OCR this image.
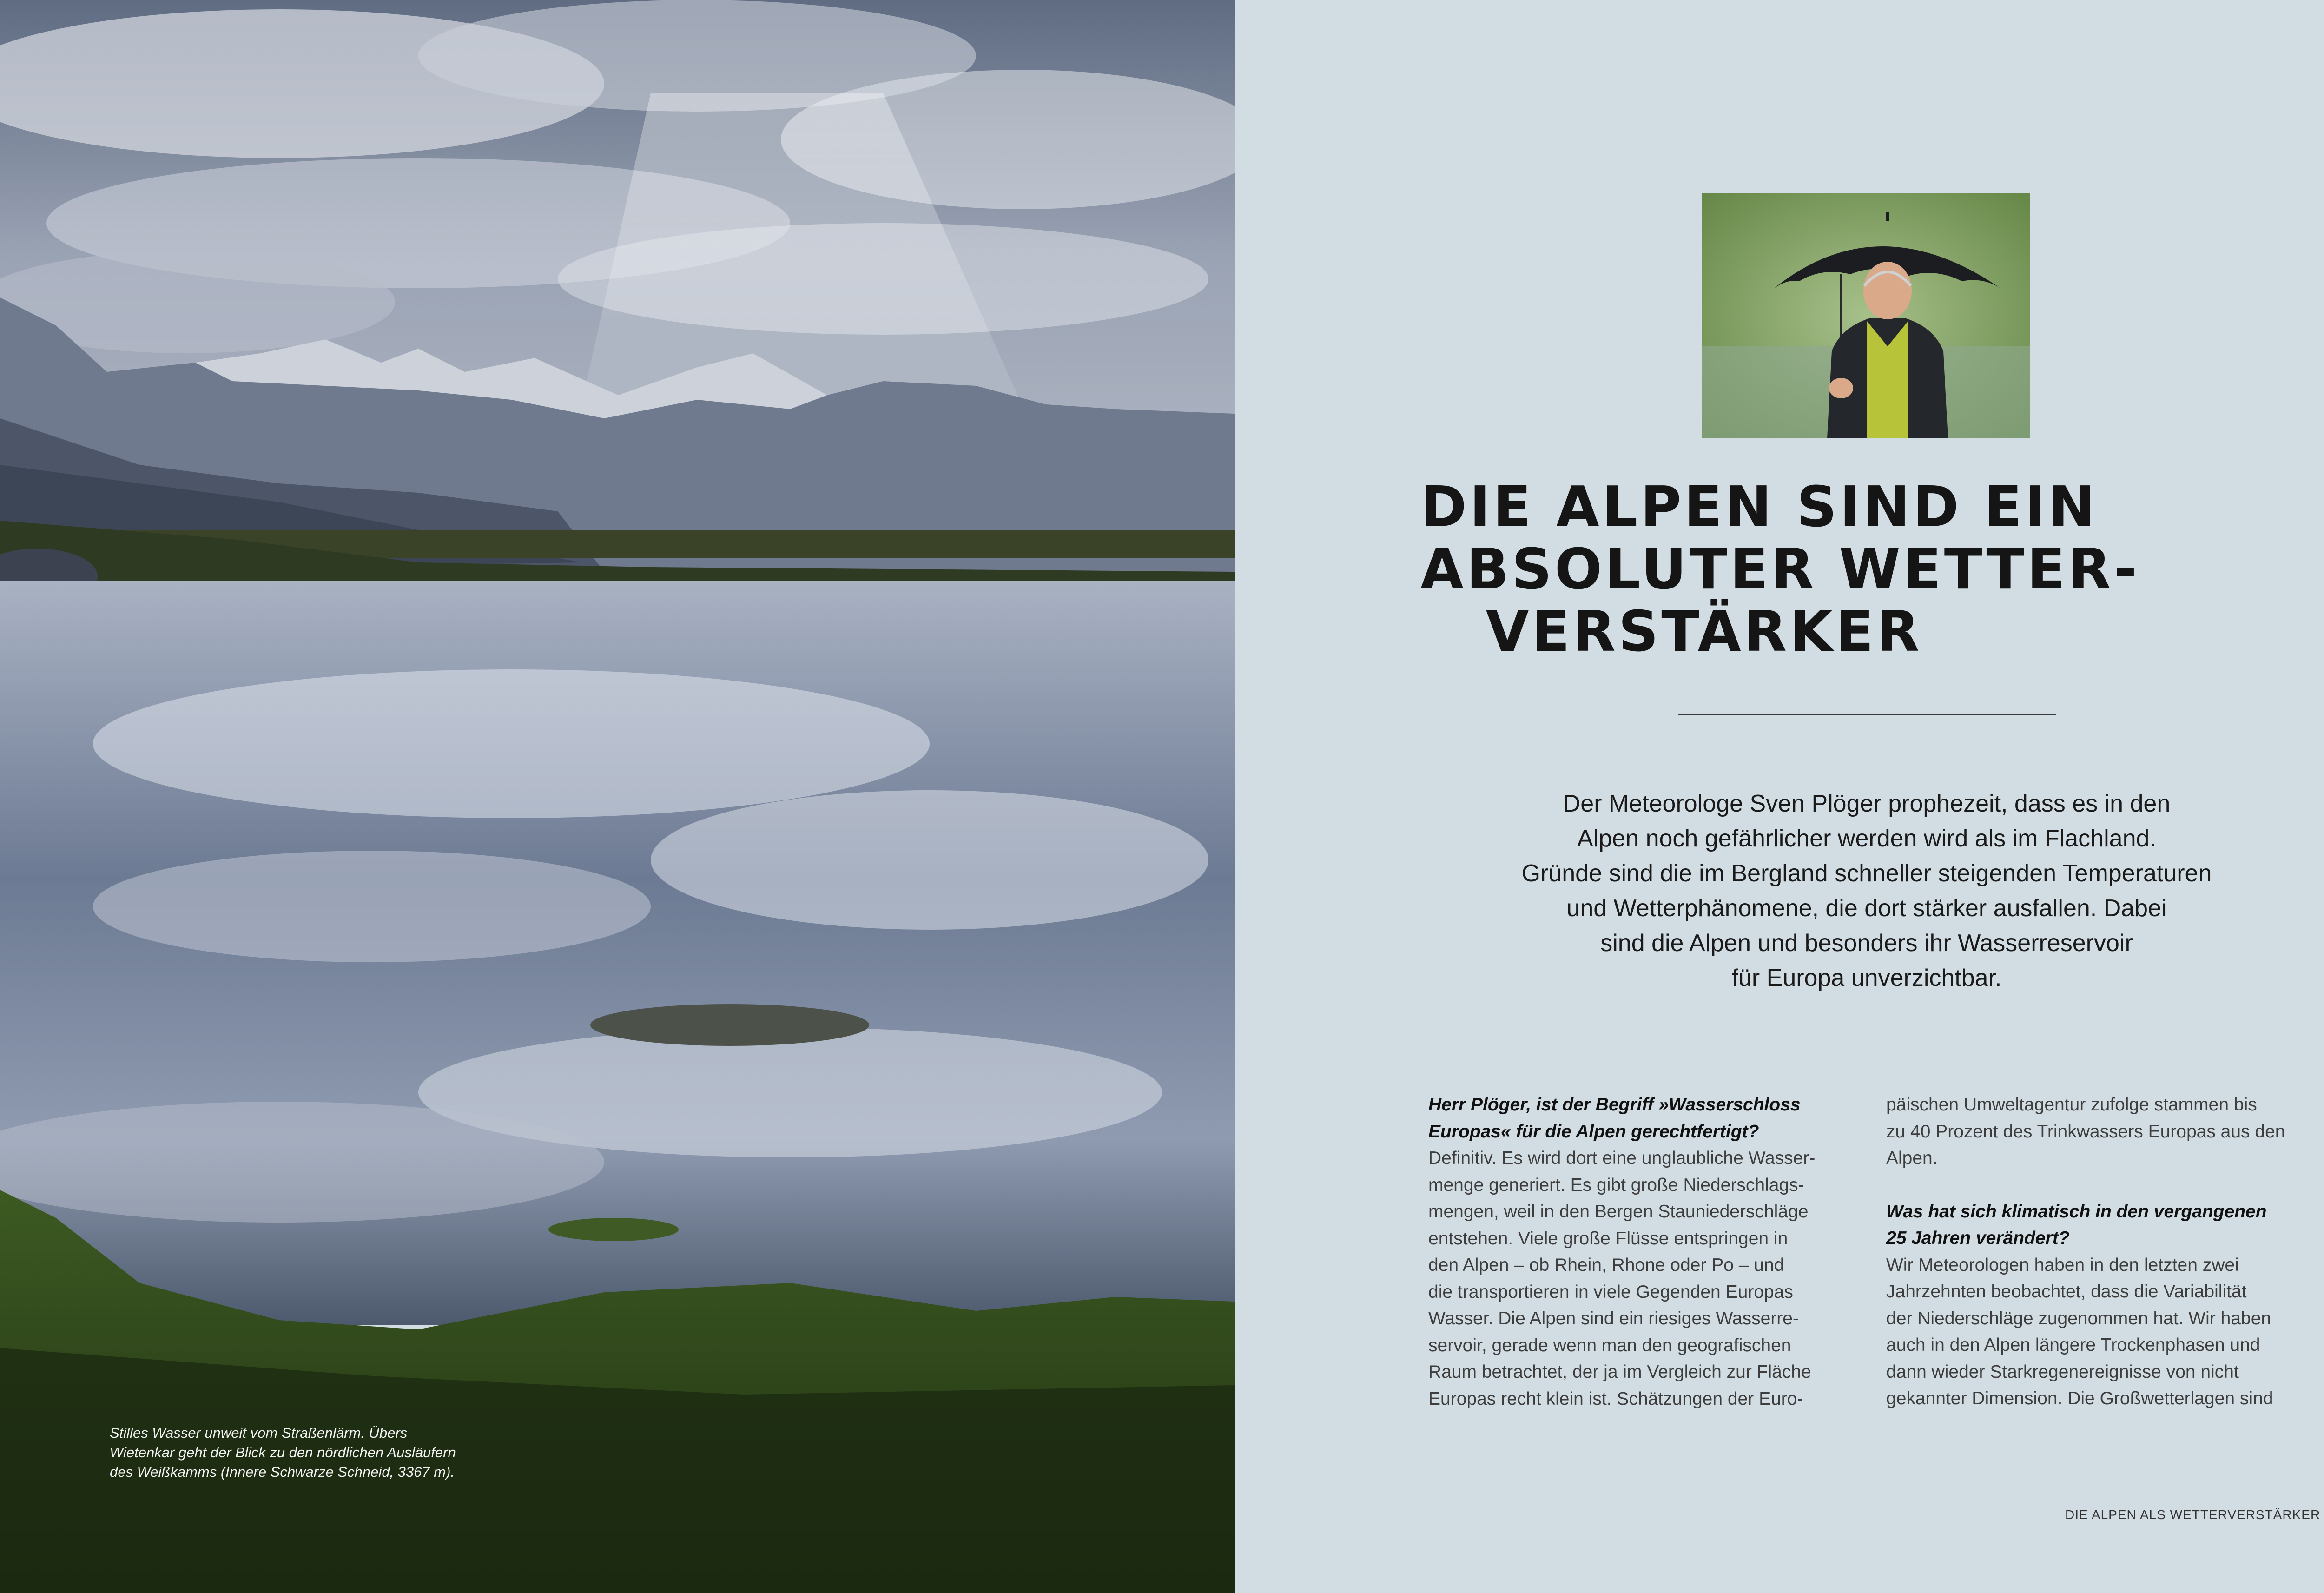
Stilles Wasser unweit vom Straßenlärm. Übers
Wietenkar geht der Blick zu den nördlichen Ausläufern
des Weißkamms (Innere Schwarze Schneid, 3367 m).
DIE ALPEN SIND EIN
ABSOLUTER WETTER-
VERSTÄRKER
Der Meteorologe Sven Plöger prophezeit, dass es in den
Alpen noch gefährlicher werden wird als im Flachland.
Gründe sind die im Bergland schneller steigenden Temperaturen
und Wetterphänomene, die dort stärker ausfallen. Dabei
sind die Alpen und besonders ihr Wasserreservoir
für Europa unverzichtbar.
Herr Plöger, ist der Begriff »Wasserschloss
Europas« für die Alpen gerechtfertigt?
Definitiv. Es wird dort eine unglaubliche Wasser-
menge generiert. Es gibt große Niederschlags-
mengen, weil in den Bergen Stauniederschläge
entstehen. Viele große Flüsse entspringen in
den Alpen – ob Rhein, Rhone oder Po – und
die transportieren in viele Gegenden Europas
Wasser. Die Alpen sind ein riesiges Wasserre-
servoir, gerade wenn man den geografischen
Raum betrachtet, der ja im Vergleich zur Fläche
Europas recht klein ist. Schätzungen der Euro-
päischen Umweltagentur zufolge stammen bis
zu 40 Prozent des Trinkwassers Europas aus den
Alpen.
Was hat sich klimatisch in den vergangenen
25 Jahren verändert?
Wir Meteorologen haben in den letzten zwei
Jahrzehnten beobachtet, dass die Variabilität
der Niederschläge zugenommen hat. Wir haben
auch in den Alpen längere Trockenphasen und
dann wieder Starkregenereignisse von nicht
gekannter Dimension. Die Großwetterlagen sind
DIE ALPEN ALS WETTERVERSTÄRKER
